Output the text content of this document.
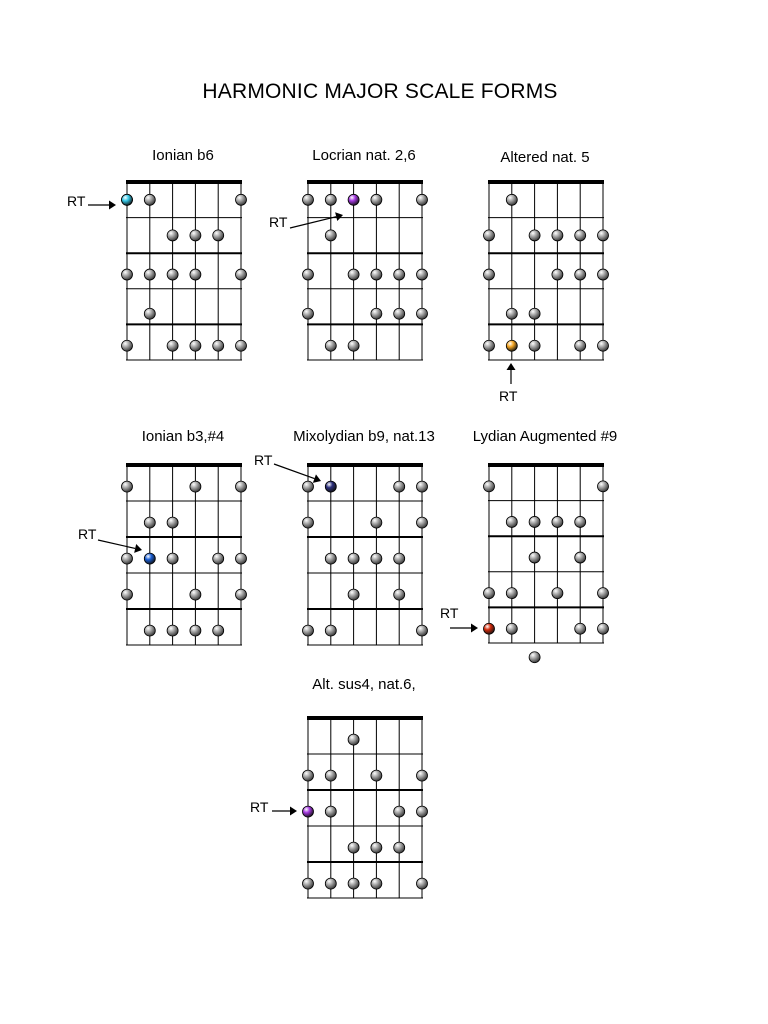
HARMONIC MAJOR SCALE FORMS
Ionian b6
RT
Locrian nat. 2,6
RT
Altered nat. 5
RT
Ionian b3,#4
RT
Mixolydian b9, nat.13
RT
Lydian Augmented #9
RT
Alt. sus4, nat.6,
RT
